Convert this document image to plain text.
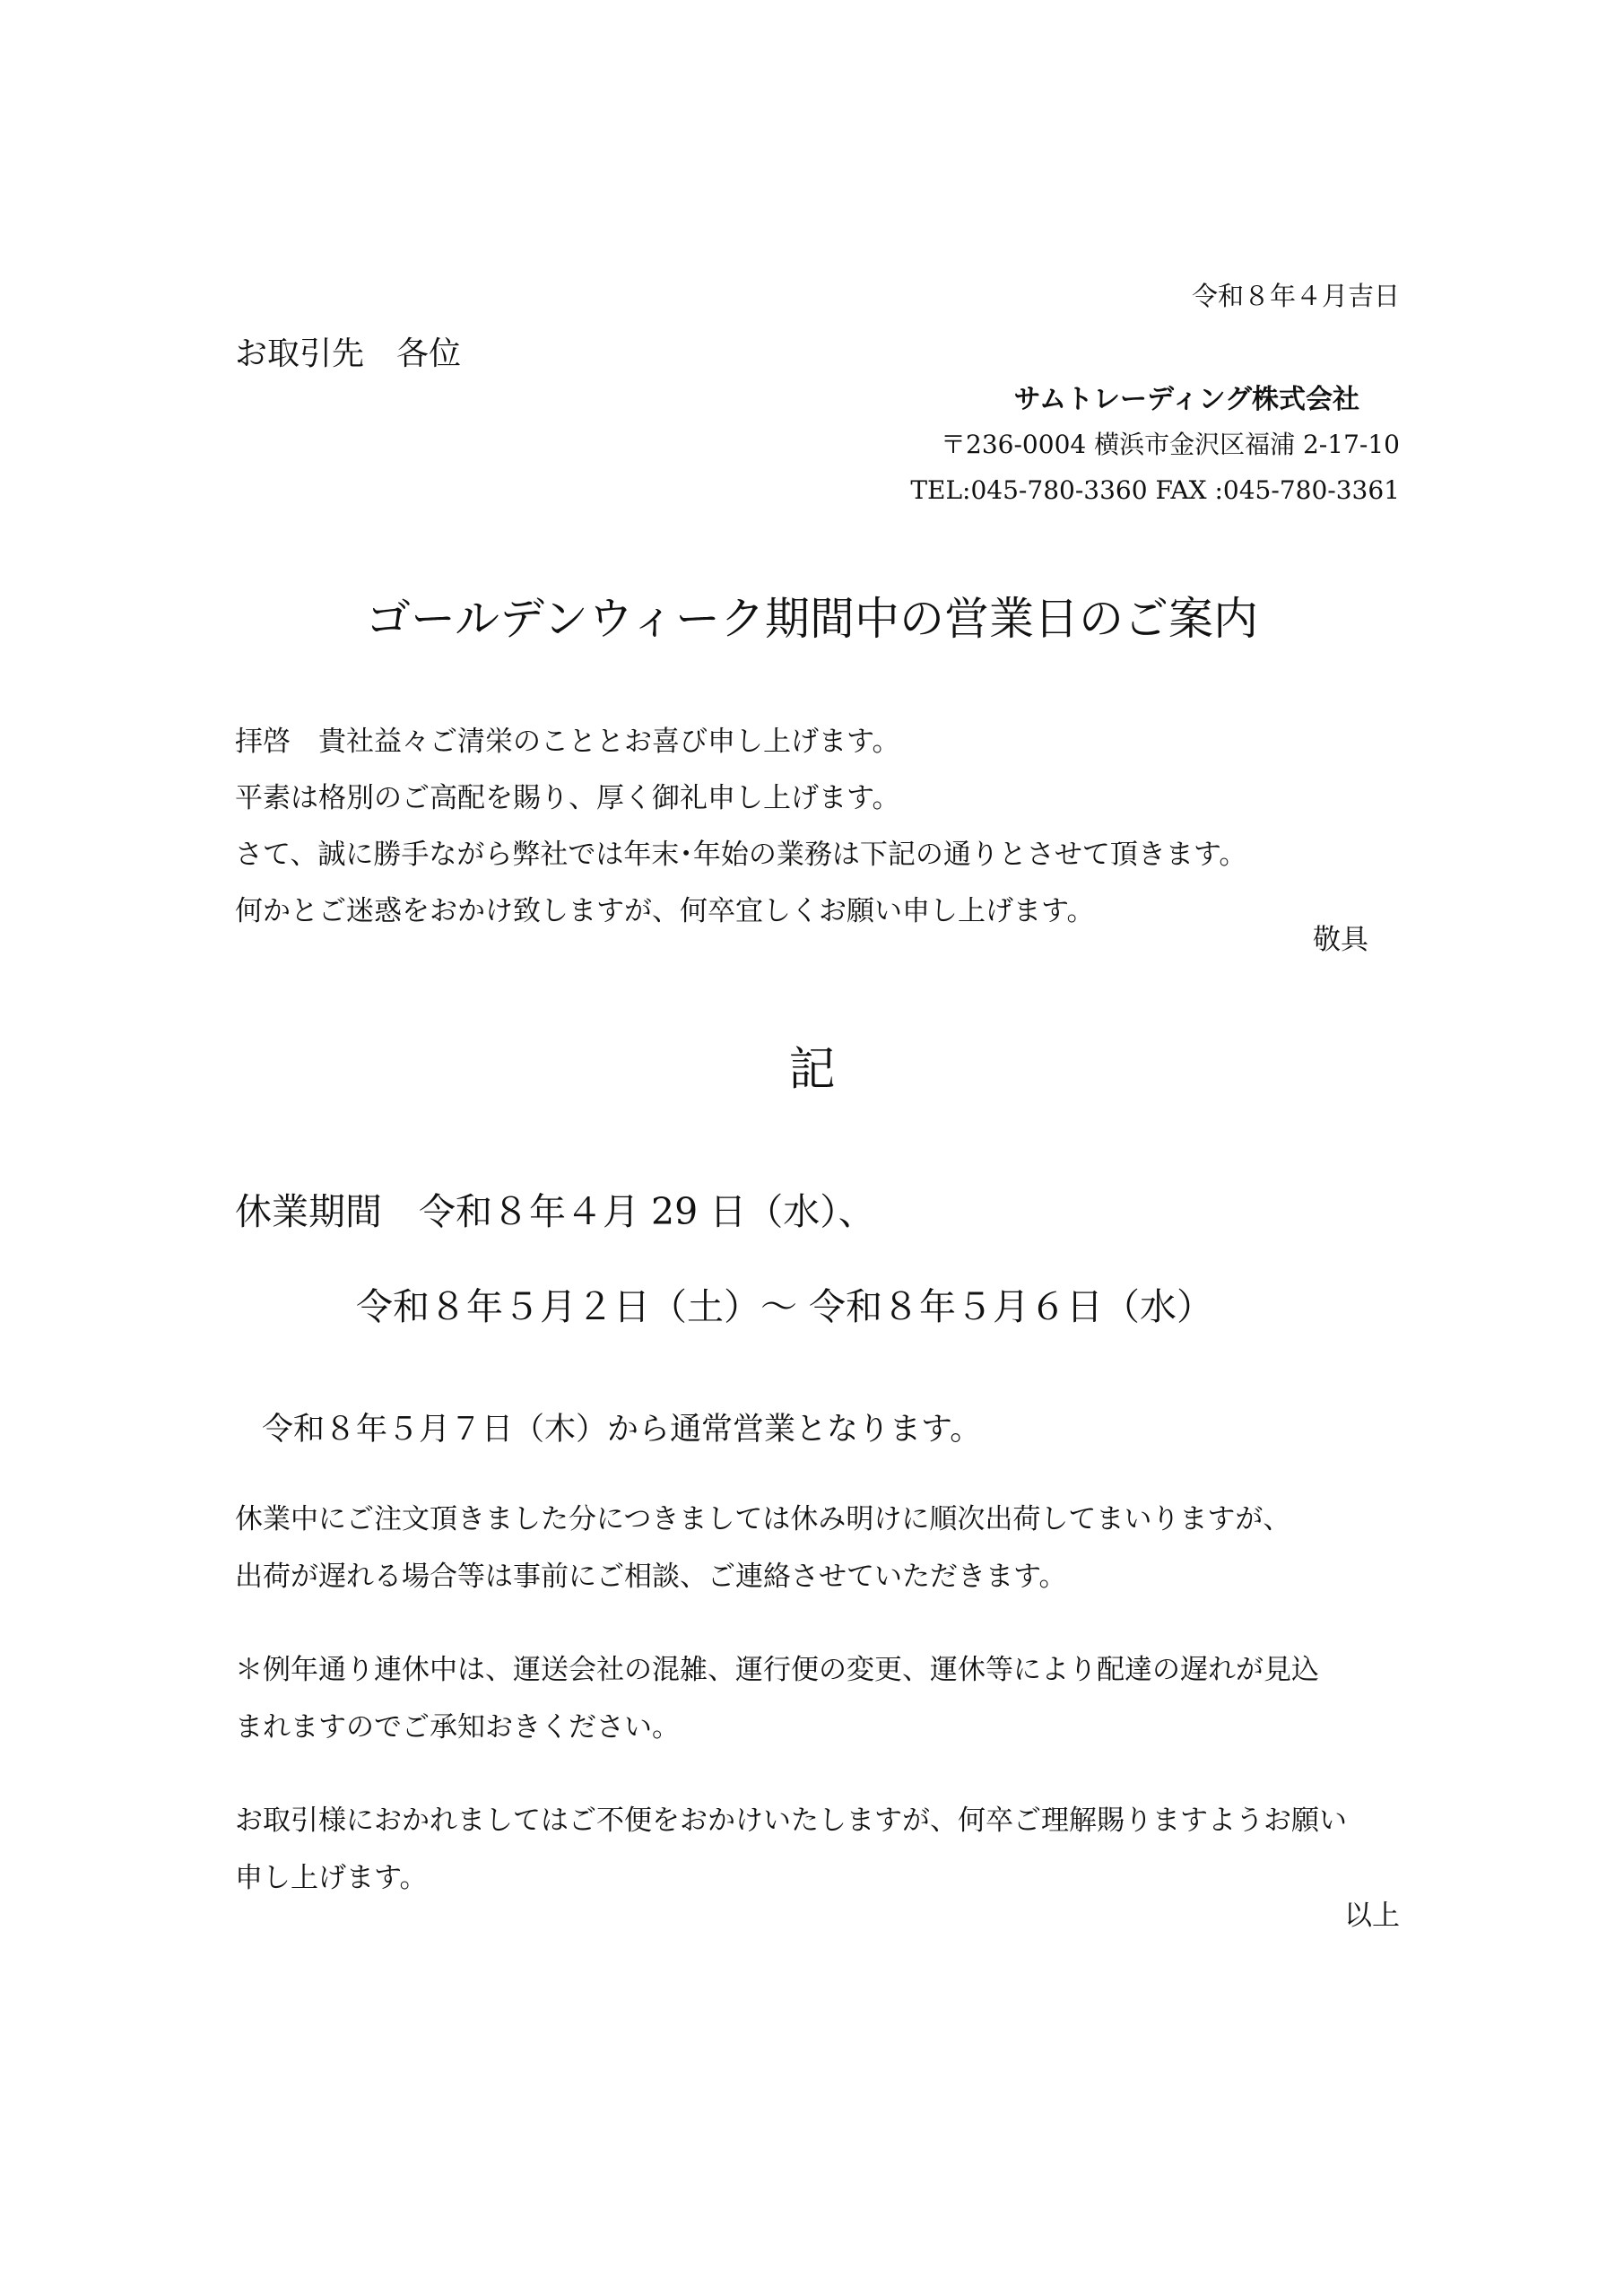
令和８年４月吉日
お取引先　各位
サムトレーディング株式会社
〒236-0004 横浜市金沢区福浦 2-17-10
TEL:045-780-3360 FAX :045-780-3361
ゴールデンウィーク期間中の営業日のご案内
拝啓　貴社益々ご清栄のこととお喜び申し上げます。
平素は格別のご高配を賜り、厚く御礼申し上げます。
さて、誠に勝手ながら弊社では年末･年始の業務は下記の通りとさせて頂きます。
何かとご迷惑をおかけ致しますが、何卒宜しくお願い申し上げます。
敬具
記
休業期間　令和８年４月 29 日（水）、
令和８年５月２日（土）～ 令和８年５月６日（水）
令和８年５月７日（木）から通常営業となります。
休業中にご注文頂きました分につきましては休み明けに順次出荷してまいりますが、
出荷が遅れる場合等は事前にご相談、ご連絡させていただきます。
＊例年通り連休中は、運送会社の混雑、運行便の変更、運休等により配達の遅れが見込
まれますのでご承知おきください。
お取引様におかれましてはご不便をおかけいたしますが、何卒ご理解賜りますようお願い
申し上げます。
以上
